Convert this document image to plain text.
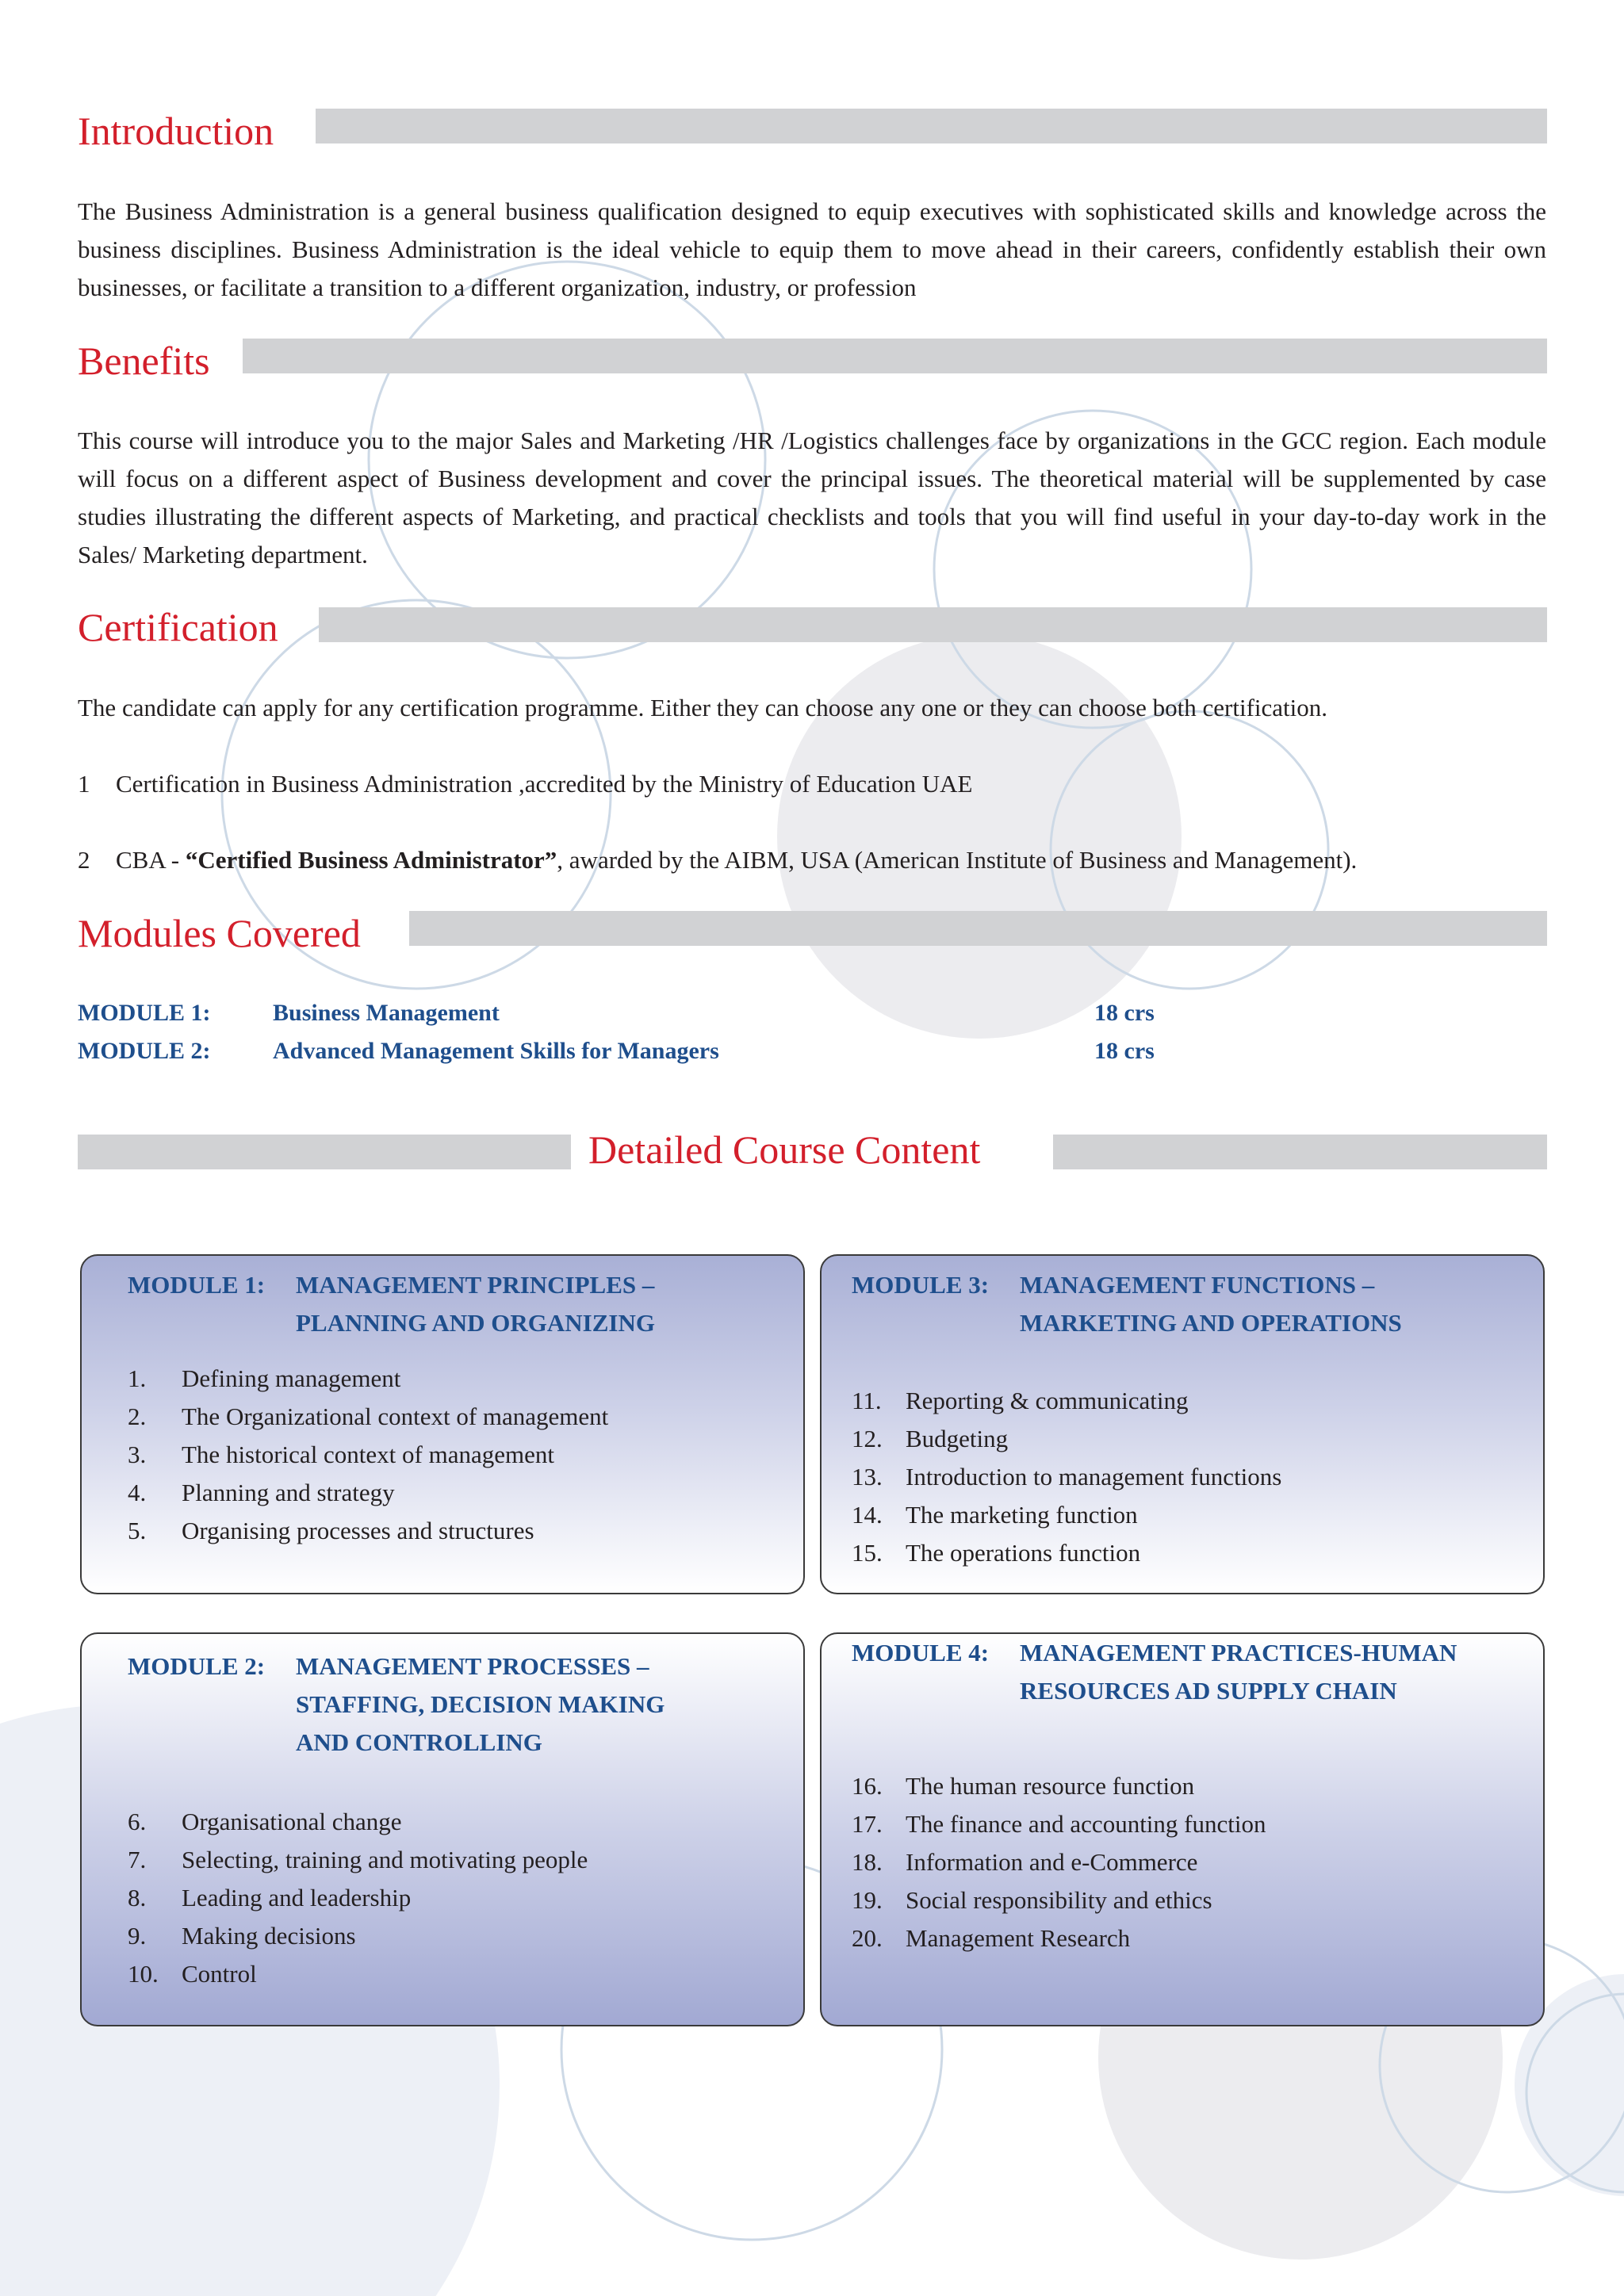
Introduction
The Business Administration is a general business qualification designed to equip executives with sophisticated skills and knowledge across the business disciplines. Business Administration is the ideal vehicle to equip them to move ahead in their careers, confidently establish their own businesses, or facilitate a transition to a different organization, industry, or profession
Benefits
This course will introduce you to the major Sales and Marketing /HR /Logistics challenges face by organizations in the GCC region. Each module will focus on a different aspect of Business development and cover the principal issues. The theoretical material will be supplemented by case studies illustrating the different aspects of Marketing, and practical checklists and tools that you will find useful in your day-to-day work in the Sales/ Marketing department.
Certification
The candidate can apply for any certification programme. Either they can choose any one or they can choose both certification.
1 Certification in Business Administration ,accredited by the Ministry of Education UAE
2 CBA - “Certified Business Administrator”, awarded by the AIBM, USA (American Institute of Business and Management).
Modules Covered
MODULE 1:	Business Management	18 crs
MODULE 2:	Advanced Management Skills for Managers	18 crs
Detailed Course Content
MODULE 1: MANAGEMENT PRINCIPLES –
PLANNING AND ORGANIZING
1. Defining management
2. The Organizational context of management
3. The historical context of management
4. Planning and strategy
5. Organising processes and structures
MODULE 3: MANAGEMENT FUNCTIONS –
MARKETING AND OPERATIONS
11. Reporting & communicating
12. Budgeting
13. Introduction to management functions
14. The marketing function
15. The operations function
MODULE 2: MANAGEMENT PROCESSES –
STAFFING, DECISION MAKING
AND CONTROLLING
6. Organisational change
7. Selecting, training and motivating people
8. Leading and leadership
9. Making decisions
10. Control
MODULE 4: MANAGEMENT PRACTICES-HUMAN
RESOURCES AD SUPPLY CHAIN
16. The human resource function
17. The finance and accounting function
18. Information and e-Commerce
19. Social responsibility and ethics
20. Management Research
